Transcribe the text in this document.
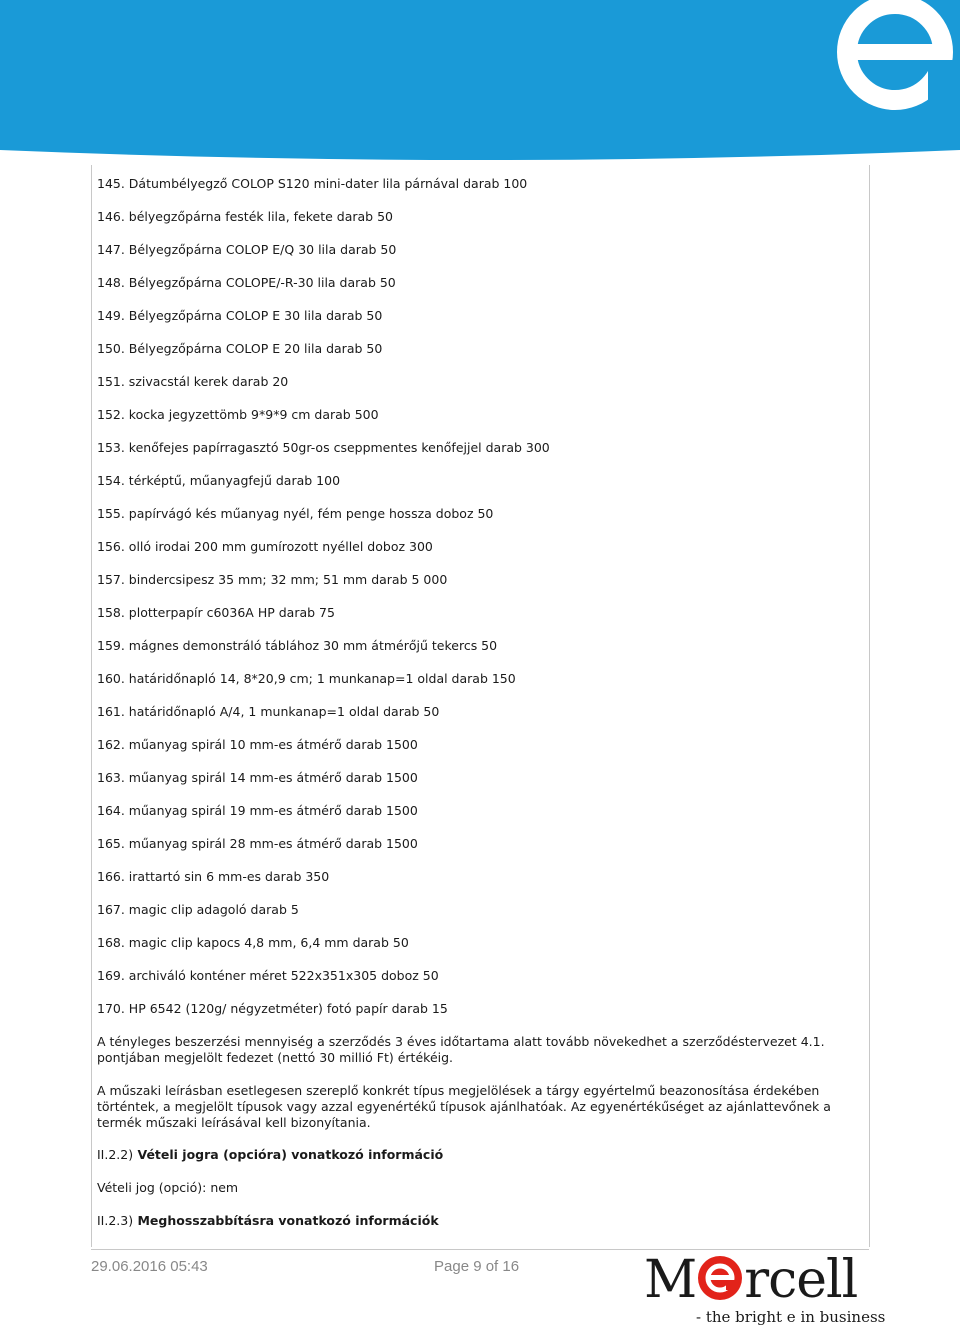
145. Dátumbélyegző COLOP S120 mini-dater lila párnával darab 100
146. bélyegzőpárna festék lila, fekete darab 50
147. Bélyegzőpárna COLOP E/Q 30 lila darab 50
148. Bélyegzőpárna COLOPE/-R-30 lila darab 50
149. Bélyegzőpárna COLOP E 30 lila darab 50
150. Bélyegzőpárna COLOP E 20 lila darab 50
151. szivacstál kerek darab 20
152. kocka jegyzettömb 9*9*9 cm darab 500
153. kenőfejes papírragasztó 50gr-os cseppmentes kenőfejjel darab 300
154. térképtű, műanyagfejű darab 100
155. papírvágó kés műanyag nyél, fém penge hossza doboz 50
156. olló irodai 200 mm gumírozott nyéllel doboz 300
157. bindercsipesz 35 mm; 32 mm; 51 mm darab 5 000
158. plotterpapír c6036A HP darab 75
159. mágnes demonstráló táblához 30 mm átmérőjű tekercs 50
160. határidőnapló 14, 8*20,9 cm; 1 munkanap=1 oldal darab 150
161. határidőnapló A/4, 1 munkanap=1 oldal darab 50
162. műanyag spirál 10 mm-es átmérő darab 1500
163. műanyag spirál 14 mm-es átmérő darab 1500
164. műanyag spirál 19 mm-es átmérő darab 1500
165. műanyag spirál 28 mm-es átmérő darab 1500
166. irattartó sin 6 mm-es darab 350
167. magic clip adagoló darab 5
168. magic clip kapocs 4,8 mm, 6,4 mm darab 50
169. archiváló konténer méret 522x351x305 doboz 50
170. HP 6542 (120g/ négyzetméter) fotó papír darab 15
A tényleges beszerzési mennyiség a szerződés 3 éves időtartama alatt tovább növekedhet a szerződéstervezet 4.1. pontjában megjelölt fedezet (nettó 30 millió Ft) értékéig.
A műszaki leírásban esetlegesen szereplő konkrét típus megjelölések a tárgy egyértelmű beazonosítása érdekében történtek, a megjelölt típusok vagy azzal egyenértékű típusok ajánlhatóak. Az egyenértékűséget az ajánlattevőnek a termék műszaki leírásával kell bizonyítania.
II.2.2) Vételi jogra (opcióra) vonatkozó információ
Vételi jog (opció): nem
II.2.3) Meghosszabbításra vonatkozó információk
29.06.2016 05:43	Page 9 of 16 M rcell
- the bright e in business
